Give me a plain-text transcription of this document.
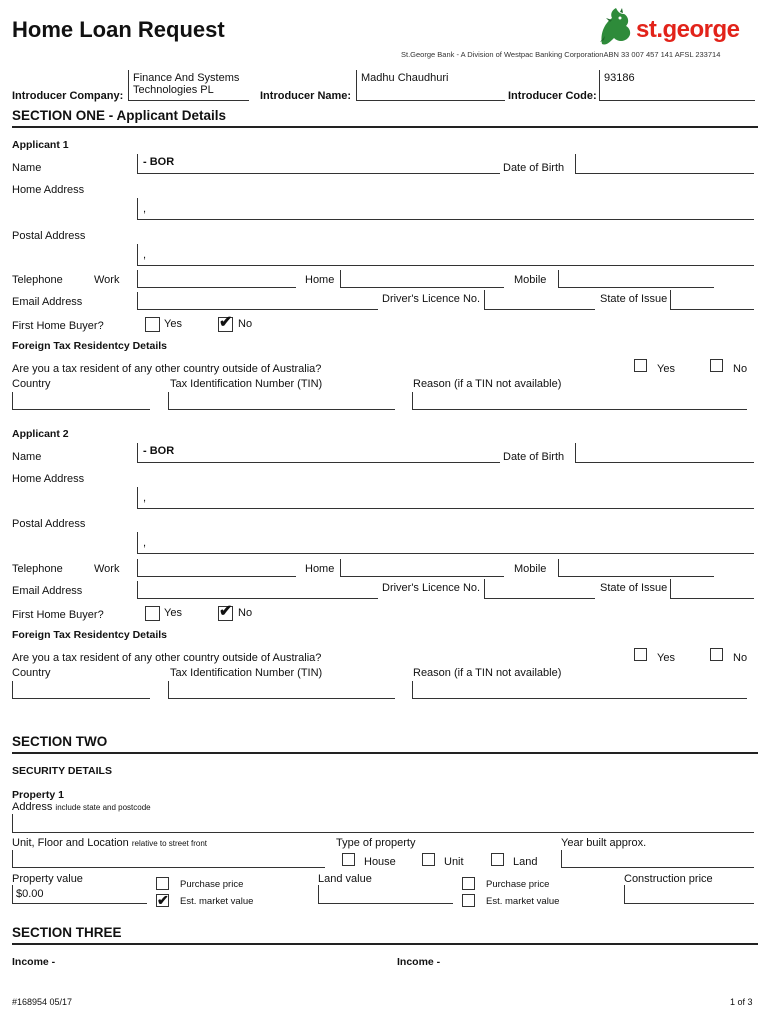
Home Loan Request	st.george
St.George Bank - A Division of Westpac Banking CorporationABN 33 007 457 141 AFSL 233714
Introducer Company:
Finance And Systems
Technologies PL	Introducer Name:
Madhu Chaudhuri
Introducer Code:
93186
SECTION ONE - Applicant Details
Applicant 1
Name	- BOR	Date of Birth
Home Address
,
Postal Address
,
Telephone	Work	Home	Mobile
Email Address	Driver's Licence No.	State of Issue
First Home Buyer?	Yes ✔ No
Foreign Tax Residentcy Details
Are you a tax resident of any other country outside of Australia?	Yes	No
Country	Tax Identification Number (TIN)	Reason (if a TIN not available)
Applicant 2
Name	- BOR	Date of Birth
Home Address
,
Postal Address
,
Telephone	Work	Home	Mobile
Email Address	Driver's Licence No.	State of Issue
First Home Buyer?	Yes ✔ No
Foreign Tax Residentcy Details
Are you a tax resident of any other country outside of Australia?	Yes	No
Country	Tax Identification Number (TIN)	Reason (if a TIN not available)
SECTION TWO
SECURITY DETAILS
Property 1
Address include state and postcode
Unit, Floor and Location relative to street front	Type of property	Year built approx.
House	Unit	Land
Property value
$0.00
Purchase price
✔ Est. market value
Land value	Purchase price
Est. market value
Construction price
SECTION THREE
Income -	Income -
#168954 05/17	1 of 3
